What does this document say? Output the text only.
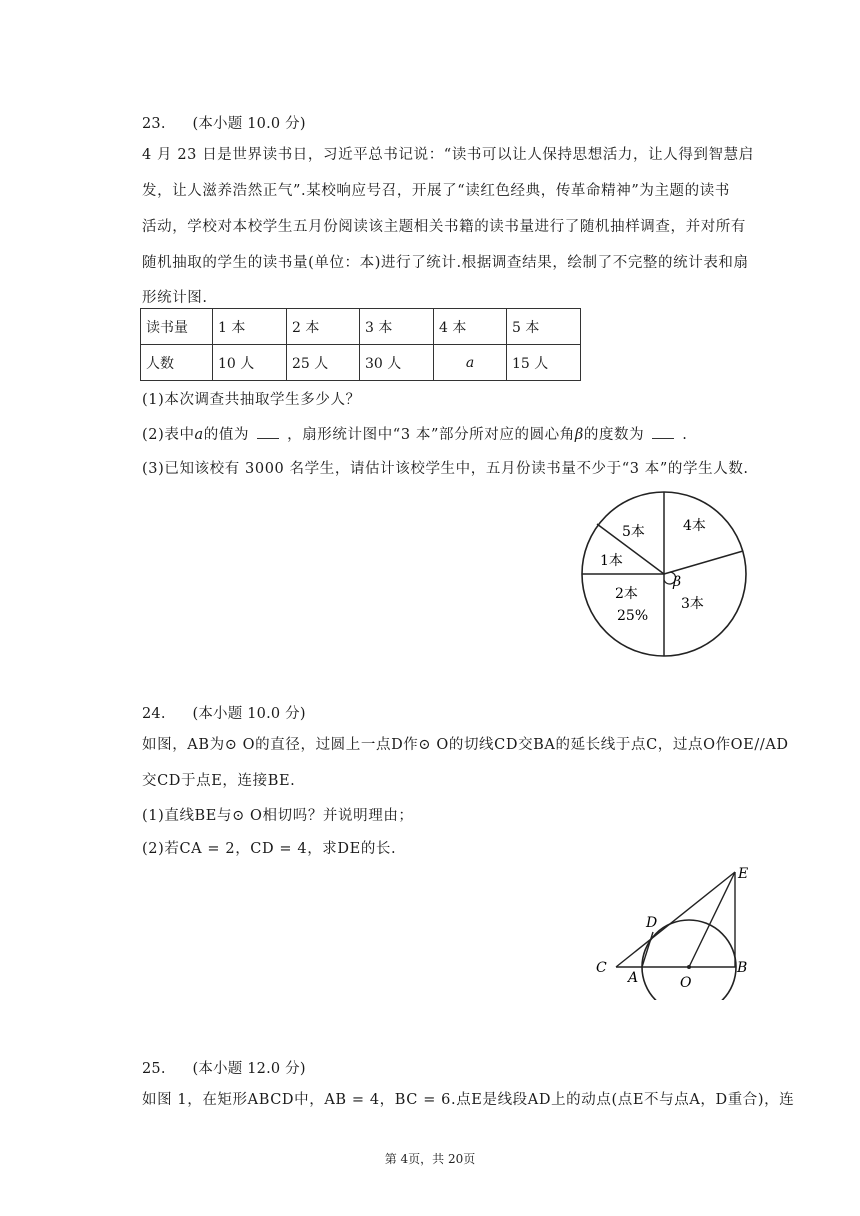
23. (本小题 10.0 分)
4 月 23 日是世界读书日，习近平总书记说：“读书可以让人保持思想活力，让人得到智慧启
发，让人滋养浩然正气”.某校响应号召，开展了“读红色经典，传革命精神”为主题的读书
活动，学校对本校学生五月份阅读该主题相关书籍的读书量进行了随机抽样调查，并对所有
随机抽取的学生的读书量(单位：本)进行了统计.根据调查结果，绘制了不完整的统计表和扇
形统计图.
读书量	1 本	2 本	3 本	4 本	5 本
人数	10 人	25 人	30 人	a	15 人
(1)本次调查共抽取学生多少人？
(2)表中a的值为	，扇形统计图中“3 本”部分所对应的圆心角β的度数为	.
(3)已知该校有 3000 名学生，请估计该校学生中，五月份读书量不少于“3 本”的学生人数.
5本	4本
1本
β
2本
25%
3本
24. (本小题 10.0 分)
如图，AB为⊙ O的直径，过圆上一点D作⊙ O的切线CD交BA的延长线于点C，过点O作OE//AD
交CD于点E，连接BE.
(1)直线BE与⊙ O相切吗？并说明理由；
(2)若CA = 2，CD = 4，求DE的长.
E
D
C
A	O
B
25. (本小题 12.0 分)
如图 1，在矩形ABCD中，AB = 4，BC = 6.点E是线段AD上的动点(点E不与点A，D重合)，连
第 4页，共 20页
